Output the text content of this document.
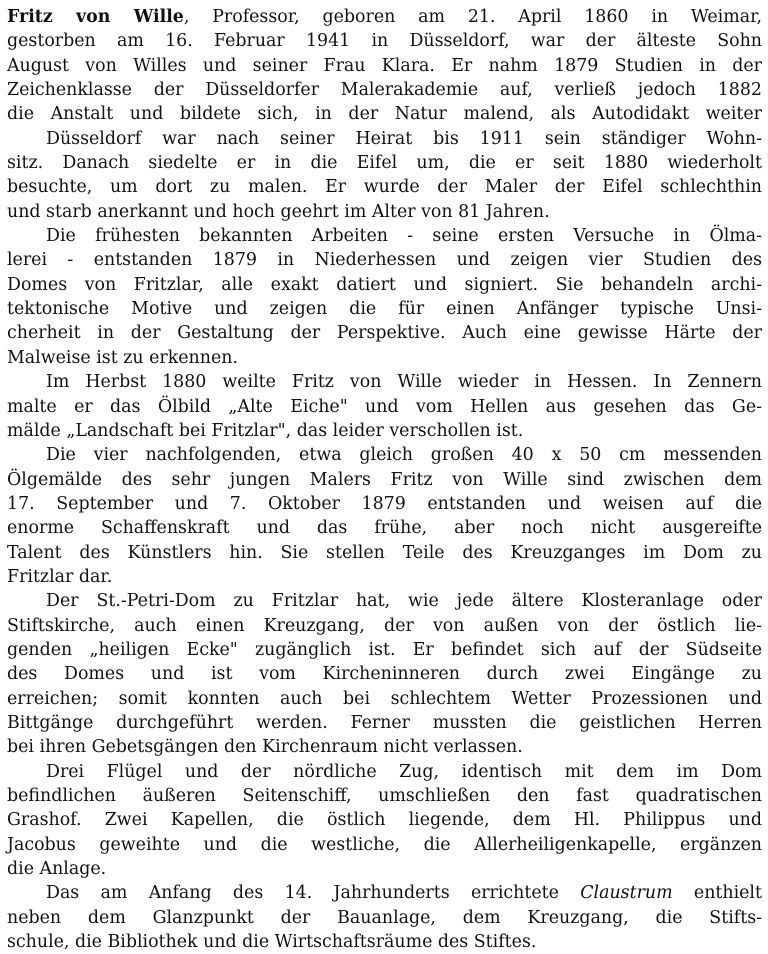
Fritz von Wille, Professor, geboren am 21. April 1860 in Weimar,
gestorben am 16. Februar 1941 in Düsseldorf, war der älteste Sohn
August von Willes und seiner Frau Klara. Er nahm 1879 Studien in der
Zeichenklasse der Düsseldorfer Malerakademie auf, verließ jedoch 1882
die Anstalt und bildete sich, in der Natur malend, als Autodidakt weiter
Düsseldorf war nach seiner Heirat bis 1911 sein ständiger Wohn-
sitz. Danach siedelte er in die Eifel um, die er seit 1880 wiederholt
besuchte, um dort zu malen. Er wurde der Maler der Eifel schlechthin
und starb anerkannt und hoch geehrt im Alter von 81 Jahren.
Die frühesten bekannten Arbeiten - seine ersten Versuche in Ölma-
lerei - entstanden 1879 in Niederhessen und zeigen vier Studien des
Domes von Fritzlar, alle exakt datiert und signiert. Sie behandeln archi-
tektonische Motive und zeigen die für einen Anfänger typische Unsi-
cherheit in der Gestaltung der Perspektive. Auch eine gewisse Härte der
Malweise ist zu erkennen.
Im Herbst 1880 weilte Fritz von Wille wieder in Hessen. In Zennern
malte er das Ölbild „Alte Eiche" und vom Hellen aus gesehen das Ge-
mälde „Landschaft bei Fritzlar", das leider verschollen ist.
Die vier nachfolgenden, etwa gleich großen 40 x 50 cm messenden
Ölgemälde des sehr jungen Malers Fritz von Wille sind zwischen dem
17. September und 7. Oktober 1879 entstanden und weisen auf die
enorme Schaffenskraft und das frühe, aber noch nicht ausgereifte
Talent des Künstlers hin. Sie stellen Teile des Kreuzganges im Dom zu
Fritzlar dar.
Der St.-Petri-Dom zu Fritzlar hat, wie jede ältere Klosteranlage oder
Stiftskirche, auch einen Kreuzgang, der von außen von der östlich lie-
genden „heiligen Ecke" zugänglich ist. Er befindet sich auf der Südseite
des Domes und ist vom Kircheninneren durch zwei Eingänge zu
erreichen; somit konnten auch bei schlechtem Wetter Prozessionen und
Bittgänge durchgeführt werden. Ferner mussten die geistlichen Herren
bei ihren Gebetsgängen den Kirchenraum nicht verlassen.
Drei Flügel und der nördliche Zug, identisch mit dem im Dom
befindlichen äußeren Seitenschiff, umschließen den fast quadratischen
Grashof. Zwei Kapellen, die östlich liegende, dem Hl. Philippus und
Jacobus geweihte und die westliche, die Allerheiligenkapelle, ergänzen
die Anlage.
Das am Anfang des 14. Jahrhunderts errichtete Claustrum enthielt
neben dem Glanzpunkt der Bauanlage, dem Kreuzgang, die Stifts-
schule, die Bibliothek und die Wirtschaftsräume des Stiftes.
